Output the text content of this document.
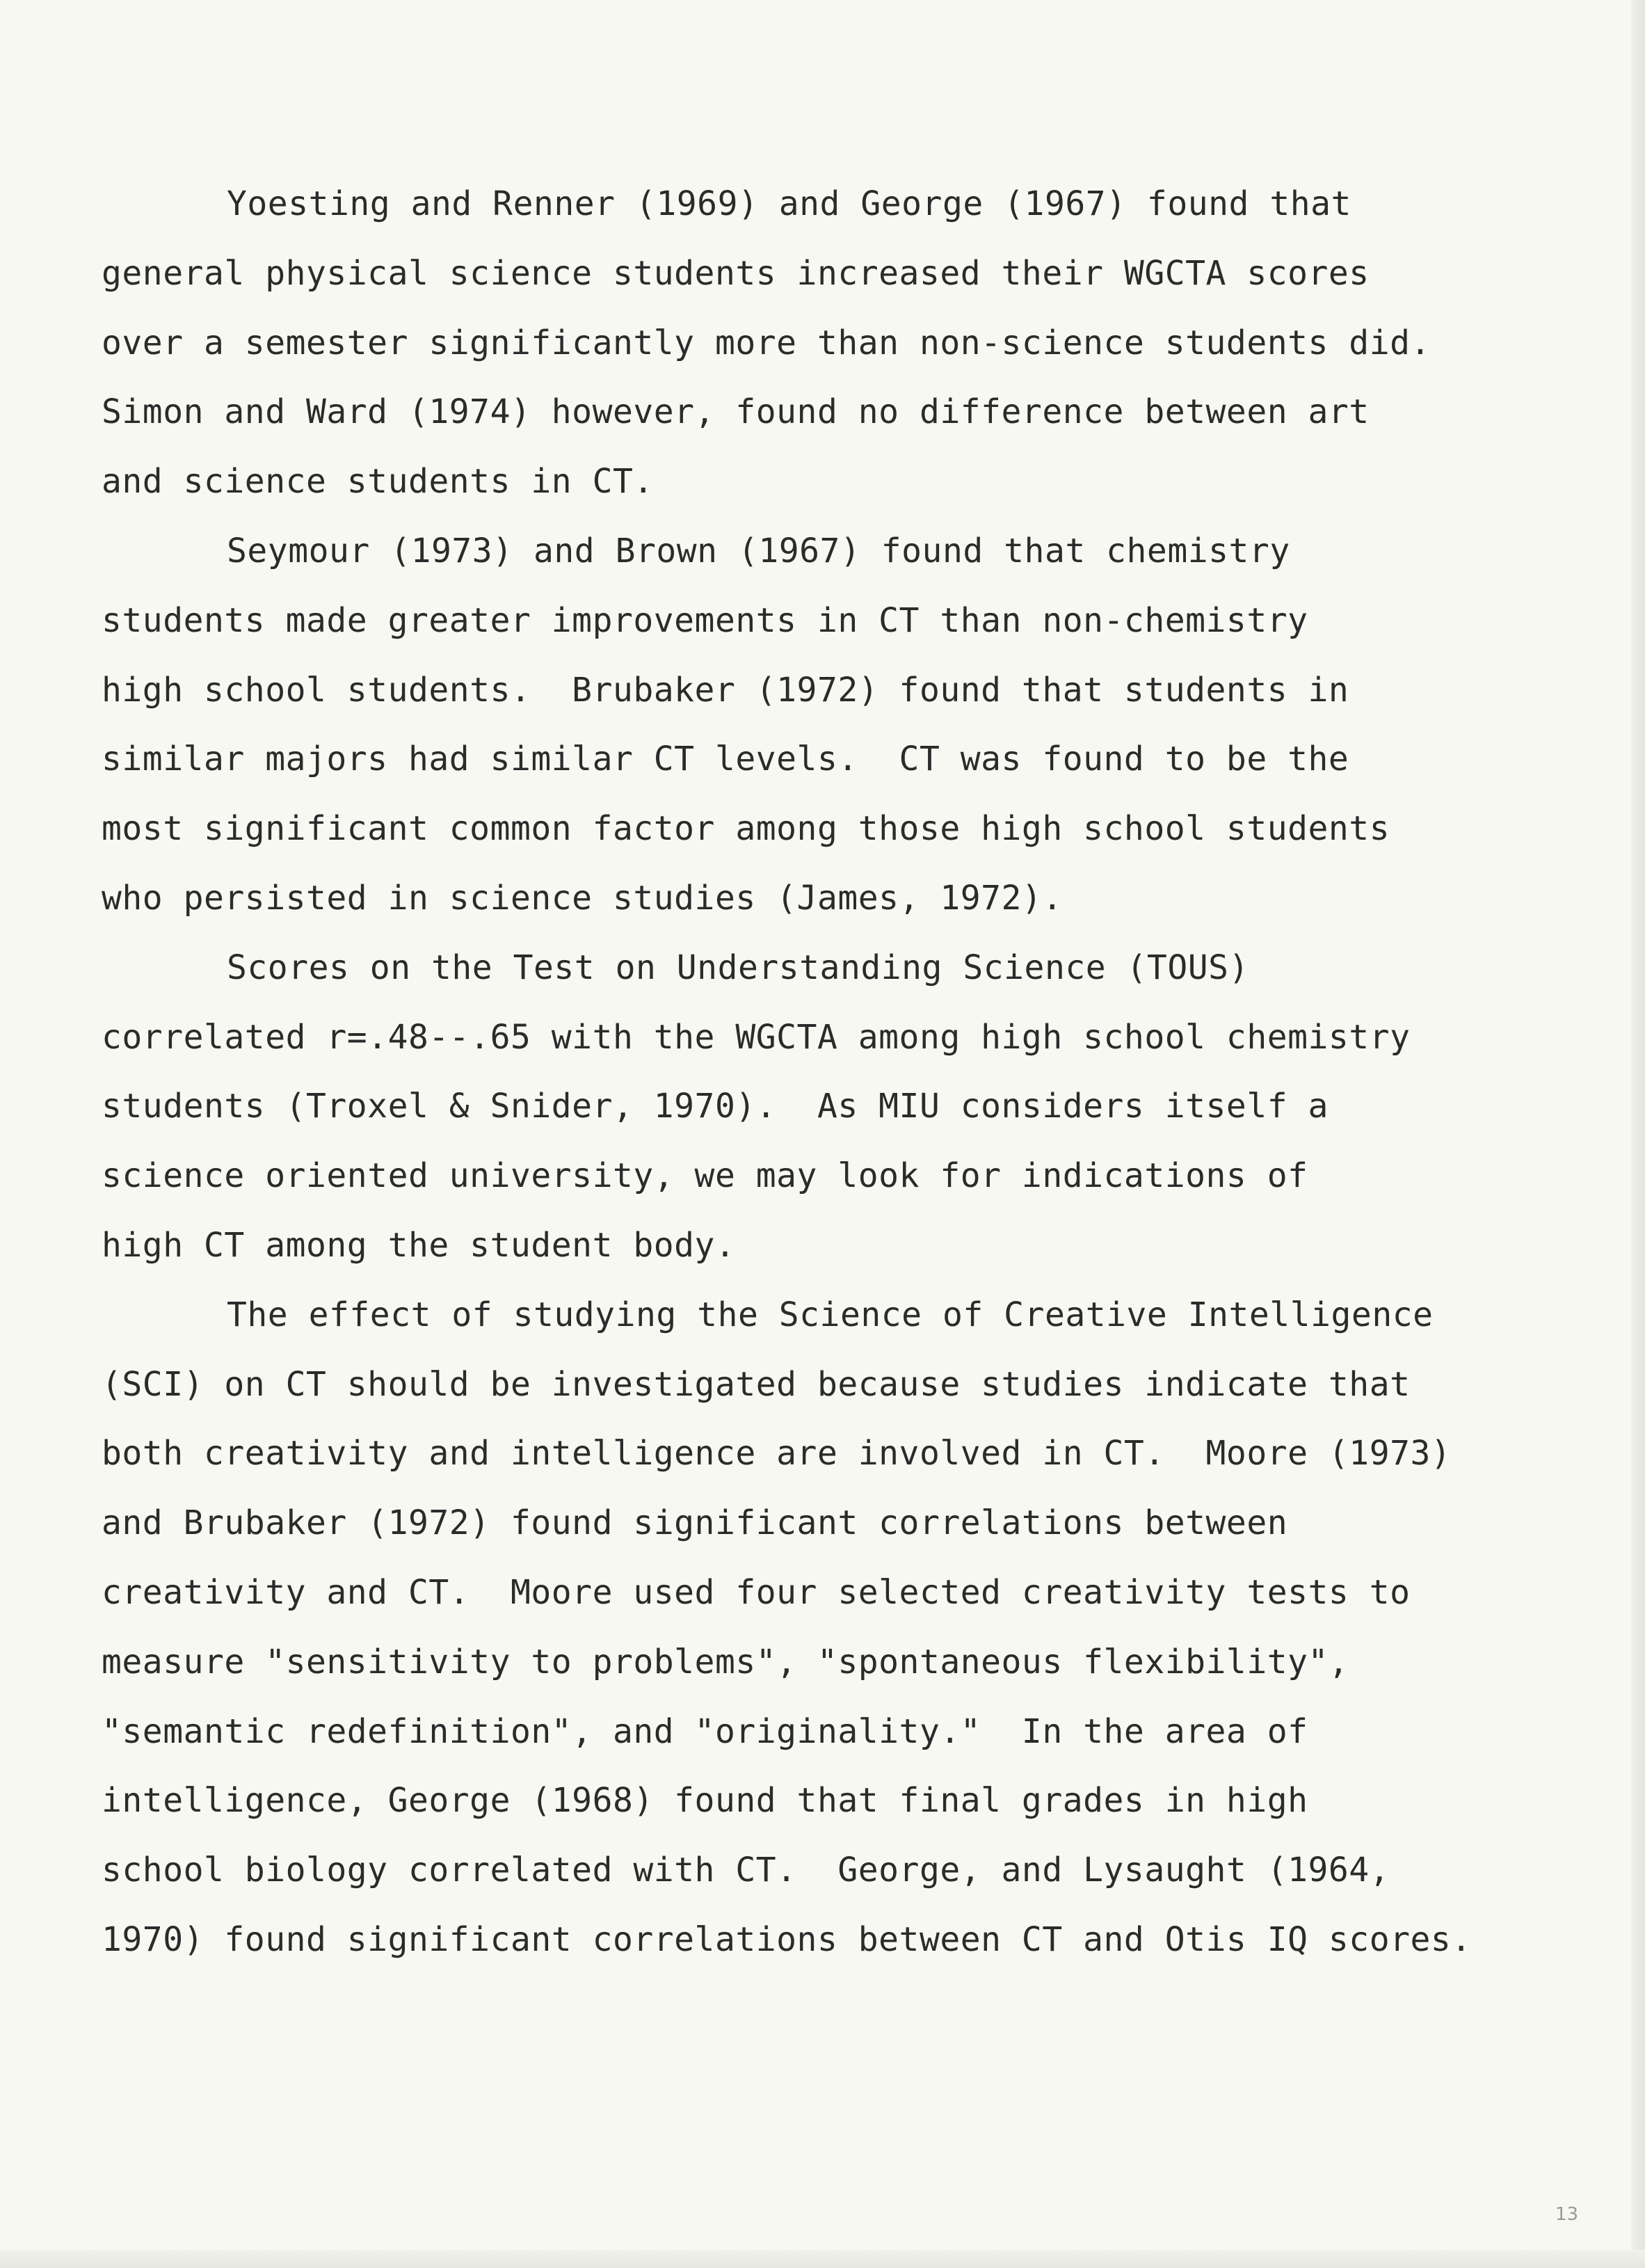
Yoesting and Renner (1969) and George (1967) found that
general physical science students increased their WGCTA scores
over a semester significantly more than non-science students did.
Simon and Ward (1974) however, found no difference between art
and science students in CT.
Seymour (1973) and Brown (1967) found that chemistry
students made greater improvements in CT than non-chemistry
high school students.  Brubaker (1972) found that students in
similar majors had similar CT levels.  CT was found to be the
most significant common factor among those high school students
who persisted in science studies (James, 1972).
Scores on the Test on Understanding Science (TOUS)
correlated r=.48--.65 with the WGCTA among high school chemistry
students (Troxel & Snider, 1970).  As MIU considers itself a
science oriented university, we may look for indications of
high CT among the student body.
The effect of studying the Science of Creative Intelligence
(SCI) on CT should be investigated because studies indicate that
both creativity and intelligence are involved in CT.  Moore (1973)
and Brubaker (1972) found significant correlations between
creativity and CT.  Moore used four selected creativity tests to
measure "sensitivity to problems", "spontaneous flexibility",
"semantic redefinition", and "originality."  In the area of
intelligence, George (1968) found that final grades in high
school biology correlated with CT.  George, and Lysaught (1964,
1970) found significant correlations between CT and Otis IQ scores.
13
